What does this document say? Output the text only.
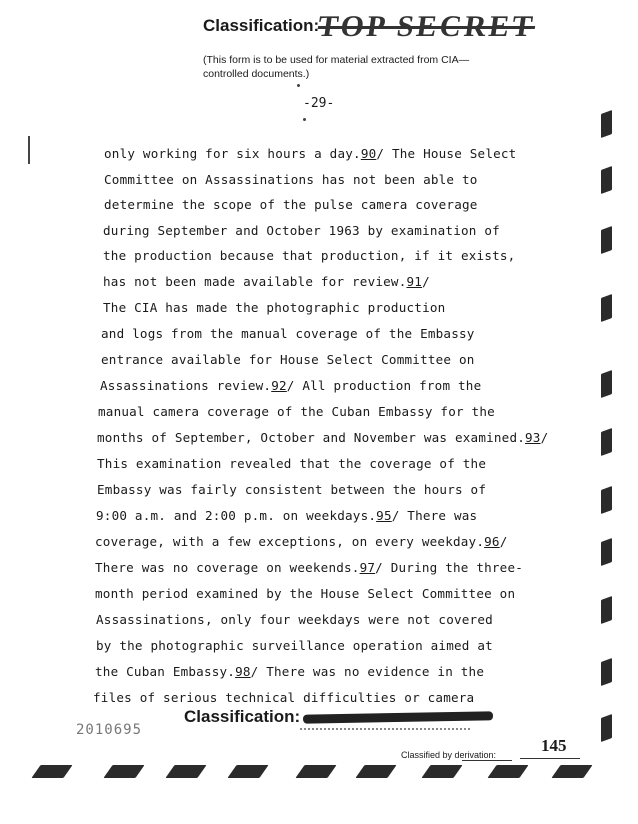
Classification:
TOP SECRET
(This form is to be used for material extracted from CIA—controlled documents.)
-29-
only working for six hours a day.90/ The House Select
Committee on Assassinations has not been able to
determine the scope of the pulse camera coverage
during September and October 1963 by examination of
the production because that production, if it exists,
has not been made available for review.91/
The CIA has made the photographic production
and logs from the manual coverage of the Embassy
entrance available for House Select Committee on
Assassinations review.92/ All production from the
manual camera coverage of the Cuban Embassy for the
months of September, October and November was examined.93/
This examination revealed that the coverage of the
Embassy was fairly consistent between the hours of
9:00 a.m. and 2:00 p.m. on weekdays.95/ There was
coverage, with a few exceptions, on every weekday.96/
There was no coverage on weekends.97/ During the three-
month period examined by the House Select Committee on
Assassinations, only four weekdays were not covered
by the photographic surveillance operation aimed at
the Cuban Embassy.98/ There was no evidence in the
files of serious technical difficulties or camera
Classification:
2010695
Classified by derivation:	145
